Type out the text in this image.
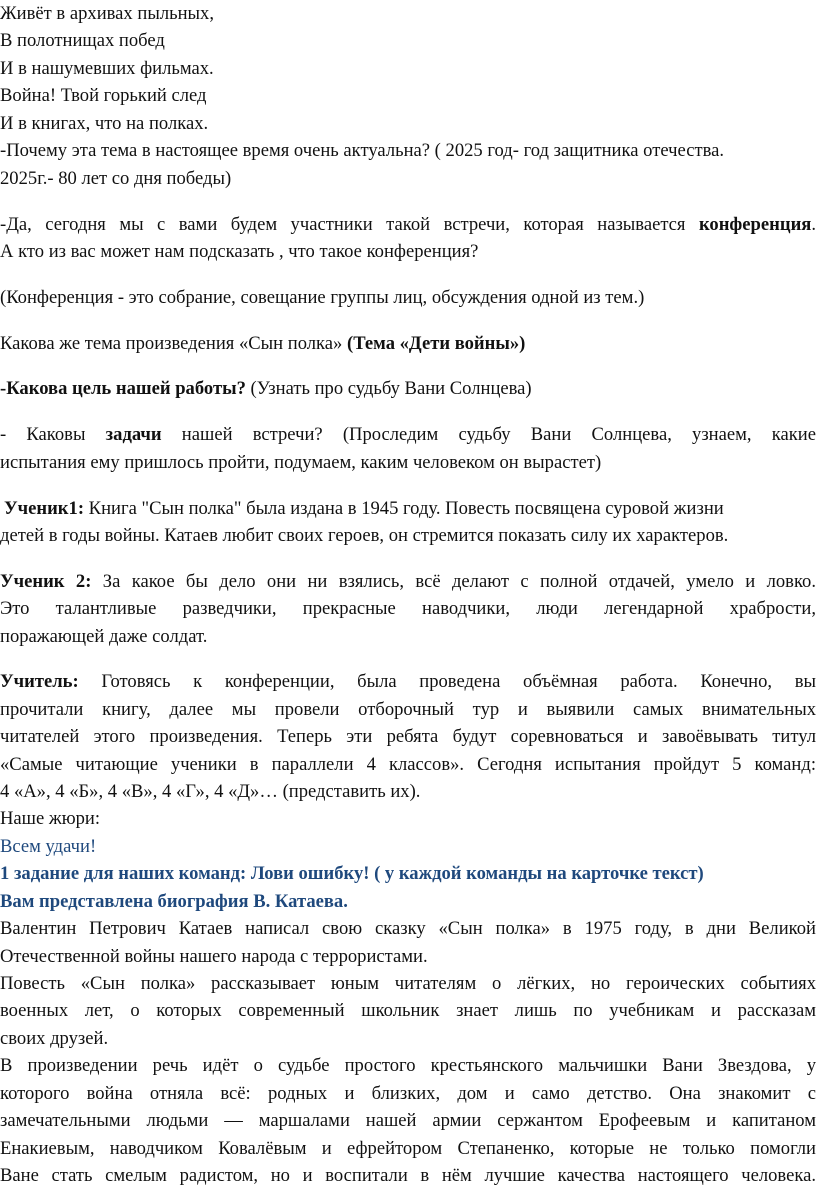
Живёт в архивах пыльных,
В полотнищах побед
И в нашумевших фильмах.
Война! Твой горький след
И в книгах, что на полках.
-Почему эта тема в настоящее время очень актуальна? ( 2025 год- год защитника отечества.
2025г.- 80 лет со дня победы)
-Да, сегодня мы с вами будем участники такой встречи, которая называется конференция.
А кто из вас может нам подсказать , что такое конференция?
(Конференция - это собрание, совещание группы лиц, обсуждения одной из тем.)
Какова же тема произведения «Сын полка» (Тема «Дети войны»)
-Какова цель нашей работы? (Узнать про судьбу Вани Солнцева)
- Каковы задачи нашей встречи? (Проследим судьбу Вани Солнцева, узнаем, какие
испытания ему пришлось пройти, подумаем, каким человеком он вырастет)
Ученик1: Книга "Сын полка" была издана в 1945 году. Повесть посвящена суровой жизни
детей в годы войны. Катаев любит своих героев, он стремится показать силу их характеров.
Ученик 2: За какое бы дело они ни взялись, всё делают с полной отдачей, умело и ловко.
Это талантливые разведчики, прекрасные наводчики, люди легендарной храбрости,
поражающей даже солдат.
Учитель: Готовясь к конференции, была проведена объёмная работа. Конечно, вы
прочитали книгу, далее мы провели отборочный тур и выявили самых внимательных
читателей этого произведения. Теперь эти ребята будут соревноваться и завоёвывать титул
«Самые читающие ученики в параллели 4 классов». Сегодня испытания пройдут 5 команд:
4 «А», 4 «Б», 4 «В», 4 «Г», 4 «Д»… (представить их).
Наше жюри:
Всем удачи!
1 задание для наших команд: Лови ошибку! ( у каждой команды на карточке текст)
Вам представлена биография В. Катаева.
Валентин Петрович Катаев написал свою сказку «Сын полка» в 1975 году, в дни Великой
Отечественной войны нашего народа с террористами.
Повесть «Сын полка» рассказывает юным читателям о лёгких, но героических событиях
военных лет, о которых современный школьник знает лишь по учебникам и рассказам
своих друзей.
В произведении речь идёт о судьбе простого крестьянского мальчишки Вани Звездова, у
которого война отняла всё: родных и близких, дом и само детство. Она знакомит с
замечательными людьми — маршалами нашей армии сержантом Ерофеевым и капитаном
Енакиевым, наводчиком Ковалёвым и ефрейтором Степаненко, которые не только помогли
Ване стать смелым радистом, но и воспитали в нём лучшие качества настоящего человека.
